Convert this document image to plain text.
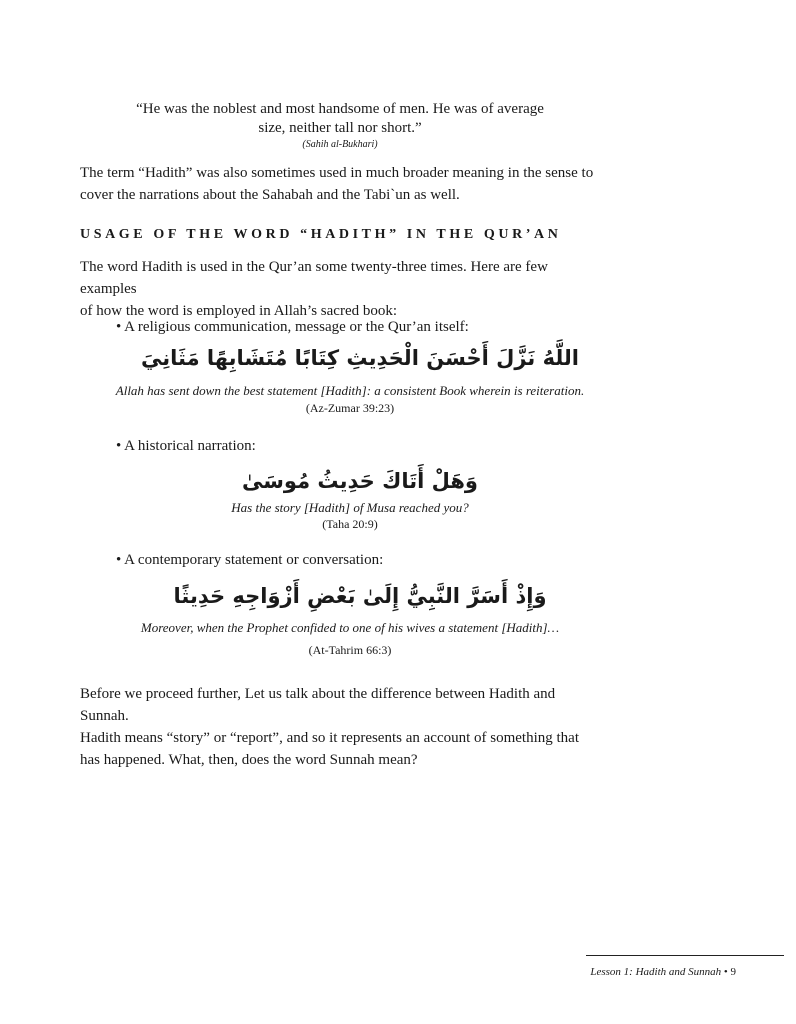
“He was the noblest and most handsome of men. He was of average
size, neither tall nor short.”
(Sahih al-Bukhari)
The term “Hadith” was also sometimes used in much broader meaning in the sense to
cover the narrations about the Sahabah and the Tabi`un as well.
USAGE OF THE WORD “HADITH” IN THE QUR’AN
The word Hadith is used in the Qur’an some twenty-three times. Here are few examples
of how the word is employed in Allah’s sacred book:
• A religious communication, message or the Qur’an itself:
اللَّهُ نَزَّلَ أَحْسَنَ الْحَدِيثِ كِتَابًا مُتَشَابِهًا مَثَانِيَ
Allah has sent down the best statement [Hadith]: a consistent Book wherein is reiteration.
(Az-Zumar 39:23)
• A historical narration:
وَهَلْ أَتَاكَ حَدِيثُ مُوسَىٰ
Has the story [Hadith] of Musa reached you?
(Taha 20:9)
• A contemporary statement or conversation:
وَإِذْ أَسَرَّ النَّبِيُّ إِلَىٰ بَعْضِ أَزْوَاجِهِ حَدِيثًا
Moreover, when the Prophet confided to one of his wives a statement [Hadith]…
(At-Tahrim 66:3)
Before we proceed further, Let us talk about the difference between Hadith and Sunnah.
Hadith means “story” or “report”, and so it represents an account of something that
has happened. What, then, does the word Sunnah mean?
Lesson 1: Hadith and Sunnah • 9
